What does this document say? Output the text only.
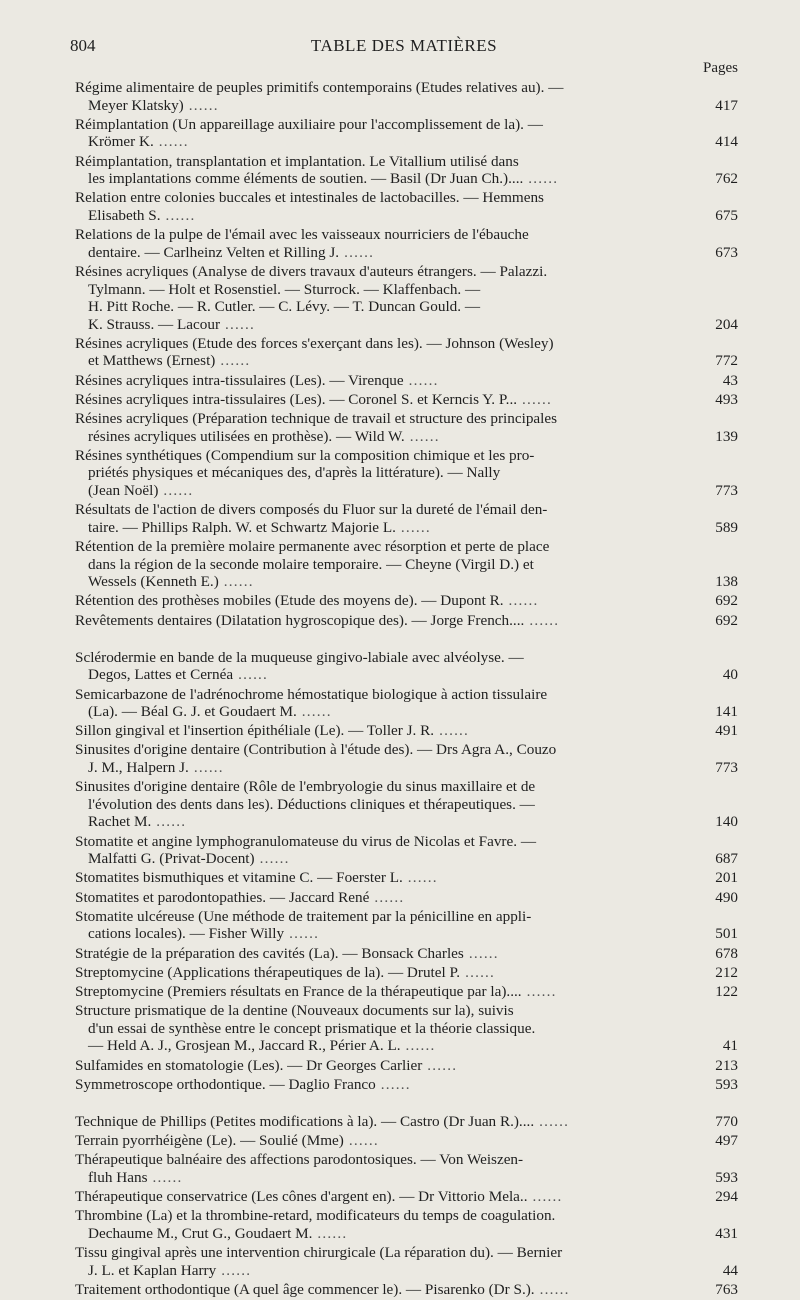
804	TABLE DES MATIÈRES
Pages
Régime alimentaire de peuples primitifs contemporains (Etudes relatives au). —
Meyer Klatsky) ......	417
Réimplantation (Un appareillage auxiliaire pour l'accomplissement de la). —
Krömer K. ......	414
Réimplantation, transplantation et implantation. Le Vitallium utilisé dans
les implantations comme éléments de soutien. — Basil (Dr Juan Ch.).... ......	762
Relation entre colonies buccales et intestinales de lactobacilles. — Hemmens
Elisabeth S. ......	675
Relations de la pulpe de l'émail avec les vaisseaux nourriciers de l'ébauche
dentaire. — Carlheinz Velten et Rilling J. ......	673
Résines acryliques (Analyse de divers travaux d'auteurs étrangers. — Palazzi.
Tylmann. — Holt et Rosenstiel. — Sturrock. — Klaffenbach. —
H. Pitt Roche. — R. Cutler. — C. Lévy. — T. Duncan Gould. —
K. Strauss. — Lacour ......	204
Résines acryliques (Etude des forces s'exerçant dans les). — Johnson (Wesley)
et Matthews (Ernest) ......	772
Résines acryliques intra-tissulaires (Les). — Virenque ......	43
Résines acryliques intra-tissulaires (Les). — Coronel S. et Kerncis Y. P... ......	493
Résines acryliques (Préparation technique de travail et structure des principales
résines acryliques utilisées en prothèse). — Wild W. ......	139
Résines synthétiques (Compendium sur la composition chimique et les pro-
priétés physiques et mécaniques des, d'après la littérature). — Nally
(Jean Noël) ......	773
Résultats de l'action de divers composés du Fluor sur la dureté de l'émail den-
taire. — Phillips Ralph. W. et Schwartz Majorie L. ......	589
Rétention de la première molaire permanente avec résorption et perte de place
dans la région de la seconde molaire temporaire. — Cheyne (Virgil D.) et
Wessels (Kenneth E.) ......	138
Rétention des prothèses mobiles (Etude des moyens de). — Dupont R. ......	692
Revêtements dentaires (Dilatation hygroscopique des). — Jorge French.... ......	692
Sclérodermie en bande de la muqueuse gingivo-labiale avec alvéolyse. —
Degos, Lattes et Cernéa ......	40
Semicarbazone de l'adrénochrome hémostatique biologique à action tissulaire
(La). — Béal G. J. et Goudaert M. ......	141
Sillon gingival et l'insertion épithéliale (Le). — Toller J. R. ......	491
Sinusites d'origine dentaire (Contribution à l'étude des). — Drs Agra A., Couzo
J. M., Halpern J. ......	773
Sinusites d'origine dentaire (Rôle de l'embryologie du sinus maxillaire et de
l'évolution des dents dans les). Déductions cliniques et thérapeutiques. —
Rachet M. ......	140
Stomatite et angine lymphogranulomateuse du virus de Nicolas et Favre. —
Malfatti G. (Privat-Docent) ......	687
Stomatites bismuthiques et vitamine C. — Foerster L. ......	201
Stomatites et parodontopathies. — Jaccard René ......	490
Stomatite ulcéreuse (Une méthode de traitement par la pénicilline en appli-
cations locales). — Fisher Willy ......	501
Stratégie de la préparation des cavités (La). — Bonsack Charles ......	678
Streptomycine (Applications thérapeutiques de la). — Drutel P. ......	212
Streptomycine (Premiers résultats en France de la thérapeutique par la).... ......	122
Structure prismatique de la dentine (Nouveaux documents sur la), suivis
d'un essai de synthèse entre le concept prismatique et la théorie classique.
— Held A. J., Grosjean M., Jaccard R., Périer A. L. ......	41
Sulfamides en stomatologie (Les). — Dr Georges Carlier ......	213
Symmetroscope orthodontique. — Daglio Franco ......	593
Technique de Phillips (Petites modifications à la). — Castro (Dr Juan R.).... ......	770
Terrain pyorrhéigène (Le). — Soulié (Mme) ......	497
Thérapeutique balnéaire des affections parodontosiques. — Von Weiszen-
fluh Hans ......	593
Thérapeutique conservatrice (Les cônes d'argent en). — Dr Vittorio Mela.. ......	294
Thrombine (La) et la thrombine-retard, modificateurs du temps de coagulation.
Dechaume M., Crut G., Goudaert M. ......	431
Tissu gingival après une intervention chirurgicale (La réparation du). — Bernier
J. L. et Kaplan Harry ......	44
Traitement orthodontique (A quel âge commencer le). — Pisarenko (Dr S.). ......	763
